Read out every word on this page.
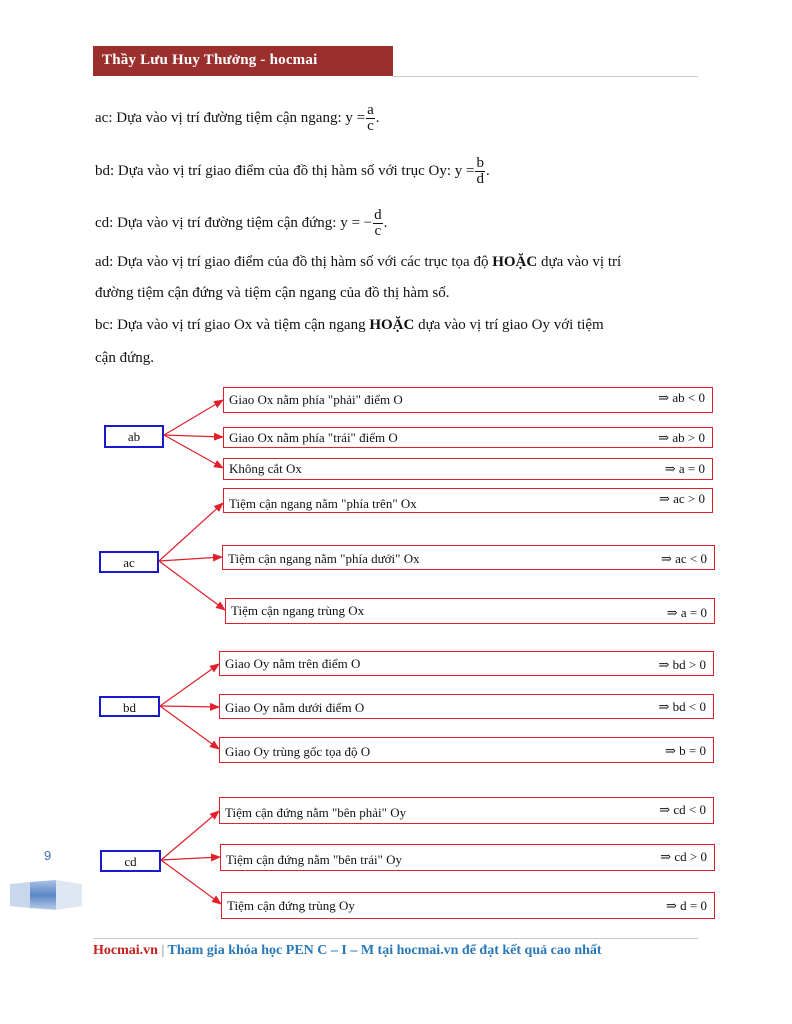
Thầy Lưu Huy Thưởng - hocmai
ac: Dựa vào vị trí đường tiệm cận ngang: $y = \frac{a}{c}$ .
bd: Dựa vào vị trí giao điểm của đồ thị hàm số với trục Oy: $y = \frac{b}{d}$ .
cd: Dựa vào vị trí đường tiệm cận đứng: y = − $\frac{d}{c}$ .
ad: Dựa vào vị trí giao điểm của đồ thị hàm số với các trục tọa độ HOẶC dựa vào vị trí
đường tiệm cận đứng và tiệm cận ngang của đồ thị hàm số.
bc: Dựa vào vị trí giao Ox và tiệm cận ngang HOẶC dựa vào vị trí giao Oy với tiệm
cận đứng.
ab
Giao Ox nằm phía "phải" điểm O	⇒ ab < 0
Giao Ox nằm phía "trái" điểm O	⇒ ab > 0
Không cắt Ox	⇒ a = 0
ac
Tiệm cận ngang nằm "phía trên" Ox	⇒ ac > 0
Tiệm cận ngang nằm "phía dưới" Ox	⇒ ac < 0
Tiệm cận ngang trùng Ox	⇒ a = 0
bd
Giao Oy nằm trên điểm O	⇒ bd > 0
Giao Oy nằm dưới điểm O	⇒ bd < 0
Giao Oy trùng gốc tọa độ O	⇒ b = 0
cd
Tiệm cận đứng nằm "bên phải" Oy	⇒ cd < 0
Tiệm cận đứng nằm "bên trái" Oy	⇒ cd > 0
Tiệm cận đứng trùng Oy	⇒ d = 0
9
Hocmai.vn | Tham gia khóa học PEN C – I – M tại hocmai.vn để đạt kết quả cao nhất
